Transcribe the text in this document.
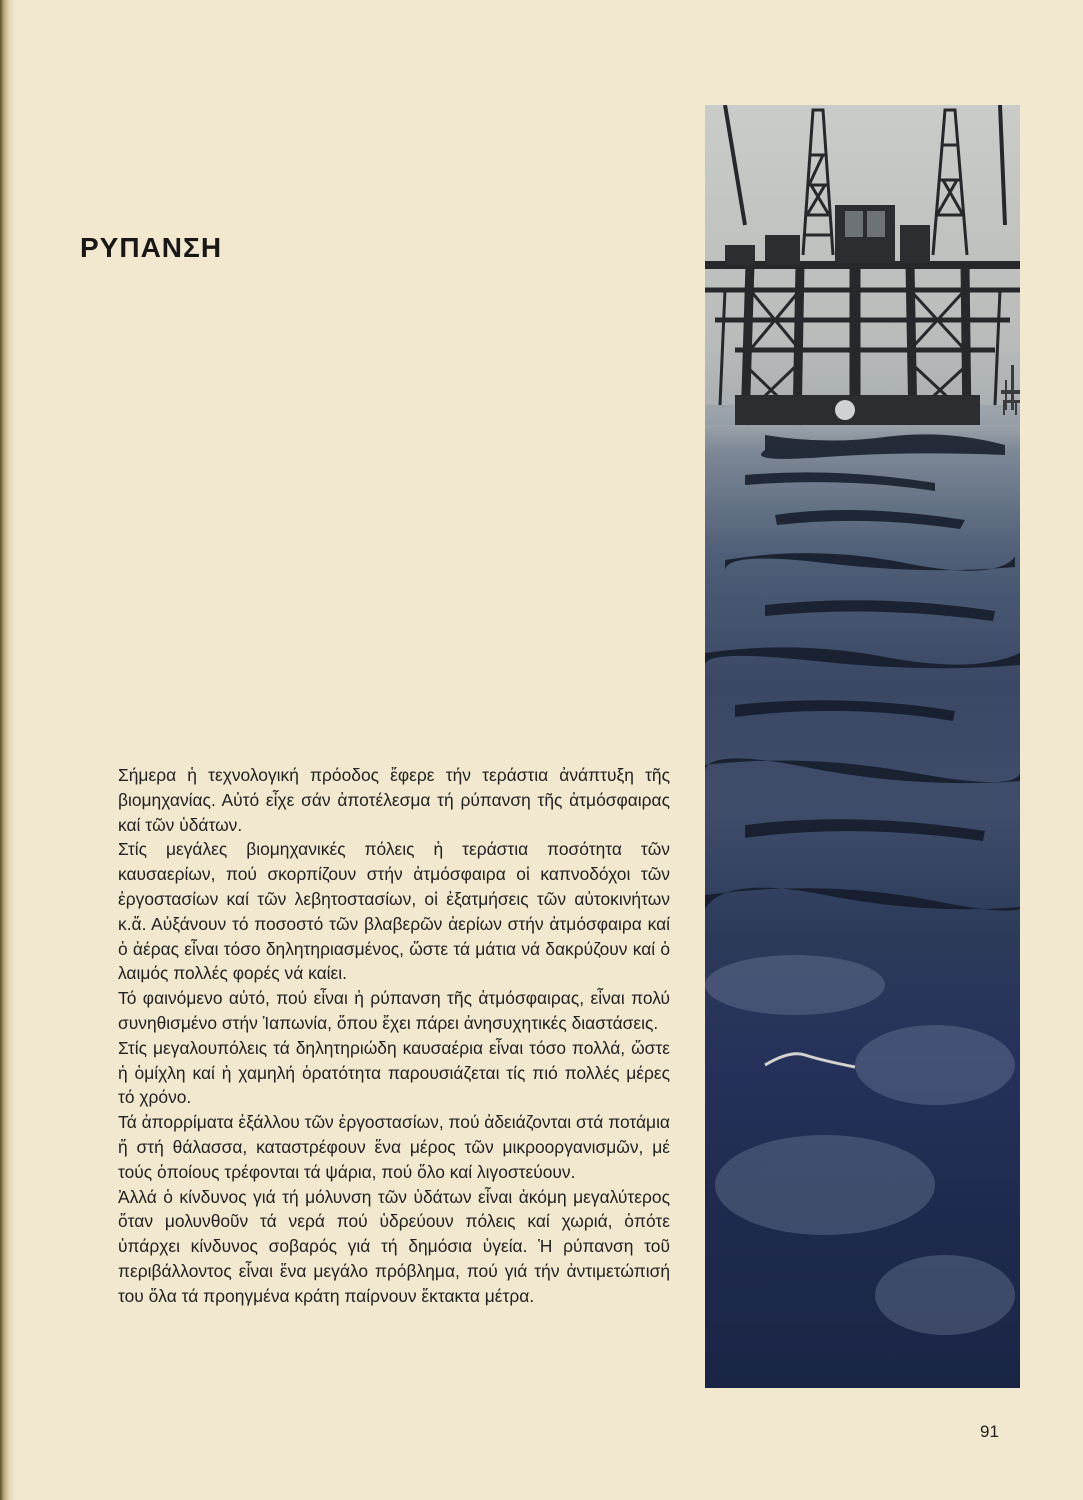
ΡΥΠΑΝΣΗ

Σήμερα ἡ τεχνολογική πρόοδος ἔφερε τήν τεράστια ἀνάπτυξη τῆς βιομηχανίας. Αὐτό εἶχε σάν ἀποτέλεσμα τή ρύπανση τῆς ἀτμόσφαιρας καί τῶν ὑδάτων.

Στίς μεγάλες βιομηχανικές πόλεις ἡ τεράστια ποσότητα τῶν καυσαερίων, πού σκορπίζουν στήν ἀτμόσφαιρα οἱ καπνοδόχοι τῶν ἐργοστασίων καί τῶν λεβητοστασίων, οἱ ἐξατμήσεις τῶν αὐτοκινήτων κ.ἄ. Αὐξάνουν τό ποσοστό τῶν βλαβερῶν ἀερίων στήν ἀτμόσφαιρα καί ὁ ἀέρας εἶναι τόσο δηλητηριασμένος, ὥστε τά μάτια νά δακρύζουν καί ὁ λαιμός πολλές φορές νά καίει.

Τό φαινόμενο αὐτό, πού εἶναι ἡ ρύπανση τῆς ἀτμόσφαιρας, εἶναι πολύ συνηθισμένο στήν Ἰαπωνία, ὅπου ἔχει πάρει ἀνησυχητικές διαστάσεις.

Στίς μεγαλουπόλεις τά δηλητηριώδη καυσαέρια εἶναι τόσο πολλά, ὥστε ἡ ὁμίχλη καί ἡ χαμηλή ὁρατότητα παρουσιάζεται τίς πιό πολλές μέρες τό χρόνο.

Τά ἀπορρίματα ἐξάλλου τῶν ἐργοστασίων, πού ἀδειάζονται στά ποτάμια ἤ στή θάλασσα, καταστρέφουν ἕνα μέρος τῶν μικροοργανισμῶν, μέ τούς ὁποίους τρέφονται τά ψάρια, πού ὅλο καί λιγοστεύουν.

Ἀλλά ὁ κίνδυνος γιά τή μόλυνση τῶν ὑδάτων εἶναι ἀκόμη μεγαλύτερος ὅταν μολυνθοῦν τά νερά πού ὑδρεύουν πόλεις καί χωριά, ὁπότε ὑπάρχει κίνδυνος σοβαρός γιά τή δημόσια ὑγεία. Ἡ ρύπανση τοῦ περιβάλλοντος εἶναι ἕνα μεγάλο πρόβλημα, πού γιά τήν ἀντιμετώπισή του ὅλα τά προηγμένα κράτη παίρνουν ἔκτακτα μέτρα.

91
